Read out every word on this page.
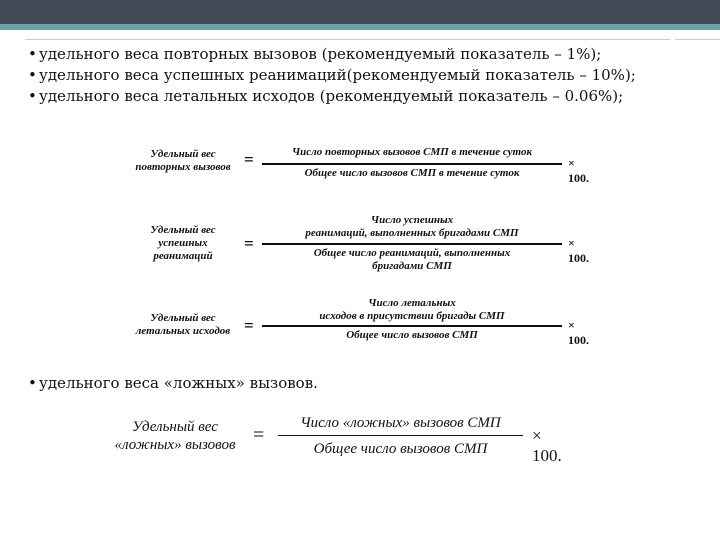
• удельного веса повторных вызовов (рекомендуемый показатель – 1%);
• удельного веса успешных реанимаций(рекомендуемый показатель – 10%);
• удельного веса летальных исходов (рекомендуемый показатель – 0.06%);
Удельный вес
повторных вызовов =	Число повторных вызовов СМП в течение суток
Общее число вызовов СМП в течение суток
× 100.
Удельный вес
успешных
реанимаций
=
Число успешных
реанимаций, выполненных бригадами СМП
Общее число реанимаций, выполненных
бригадами СМП
× 100.
Удельный вес
летальных исходов =
Число летальных
исходов в присутствии бригады СМП
Общее число вызовов СМП
× 100.
• удельного веса «ложных» вызовов.
Удельный вес
«ложных» вызовов =
Число «ложных» вызовов СМП
Общее число вызовов СМП
× 100.
